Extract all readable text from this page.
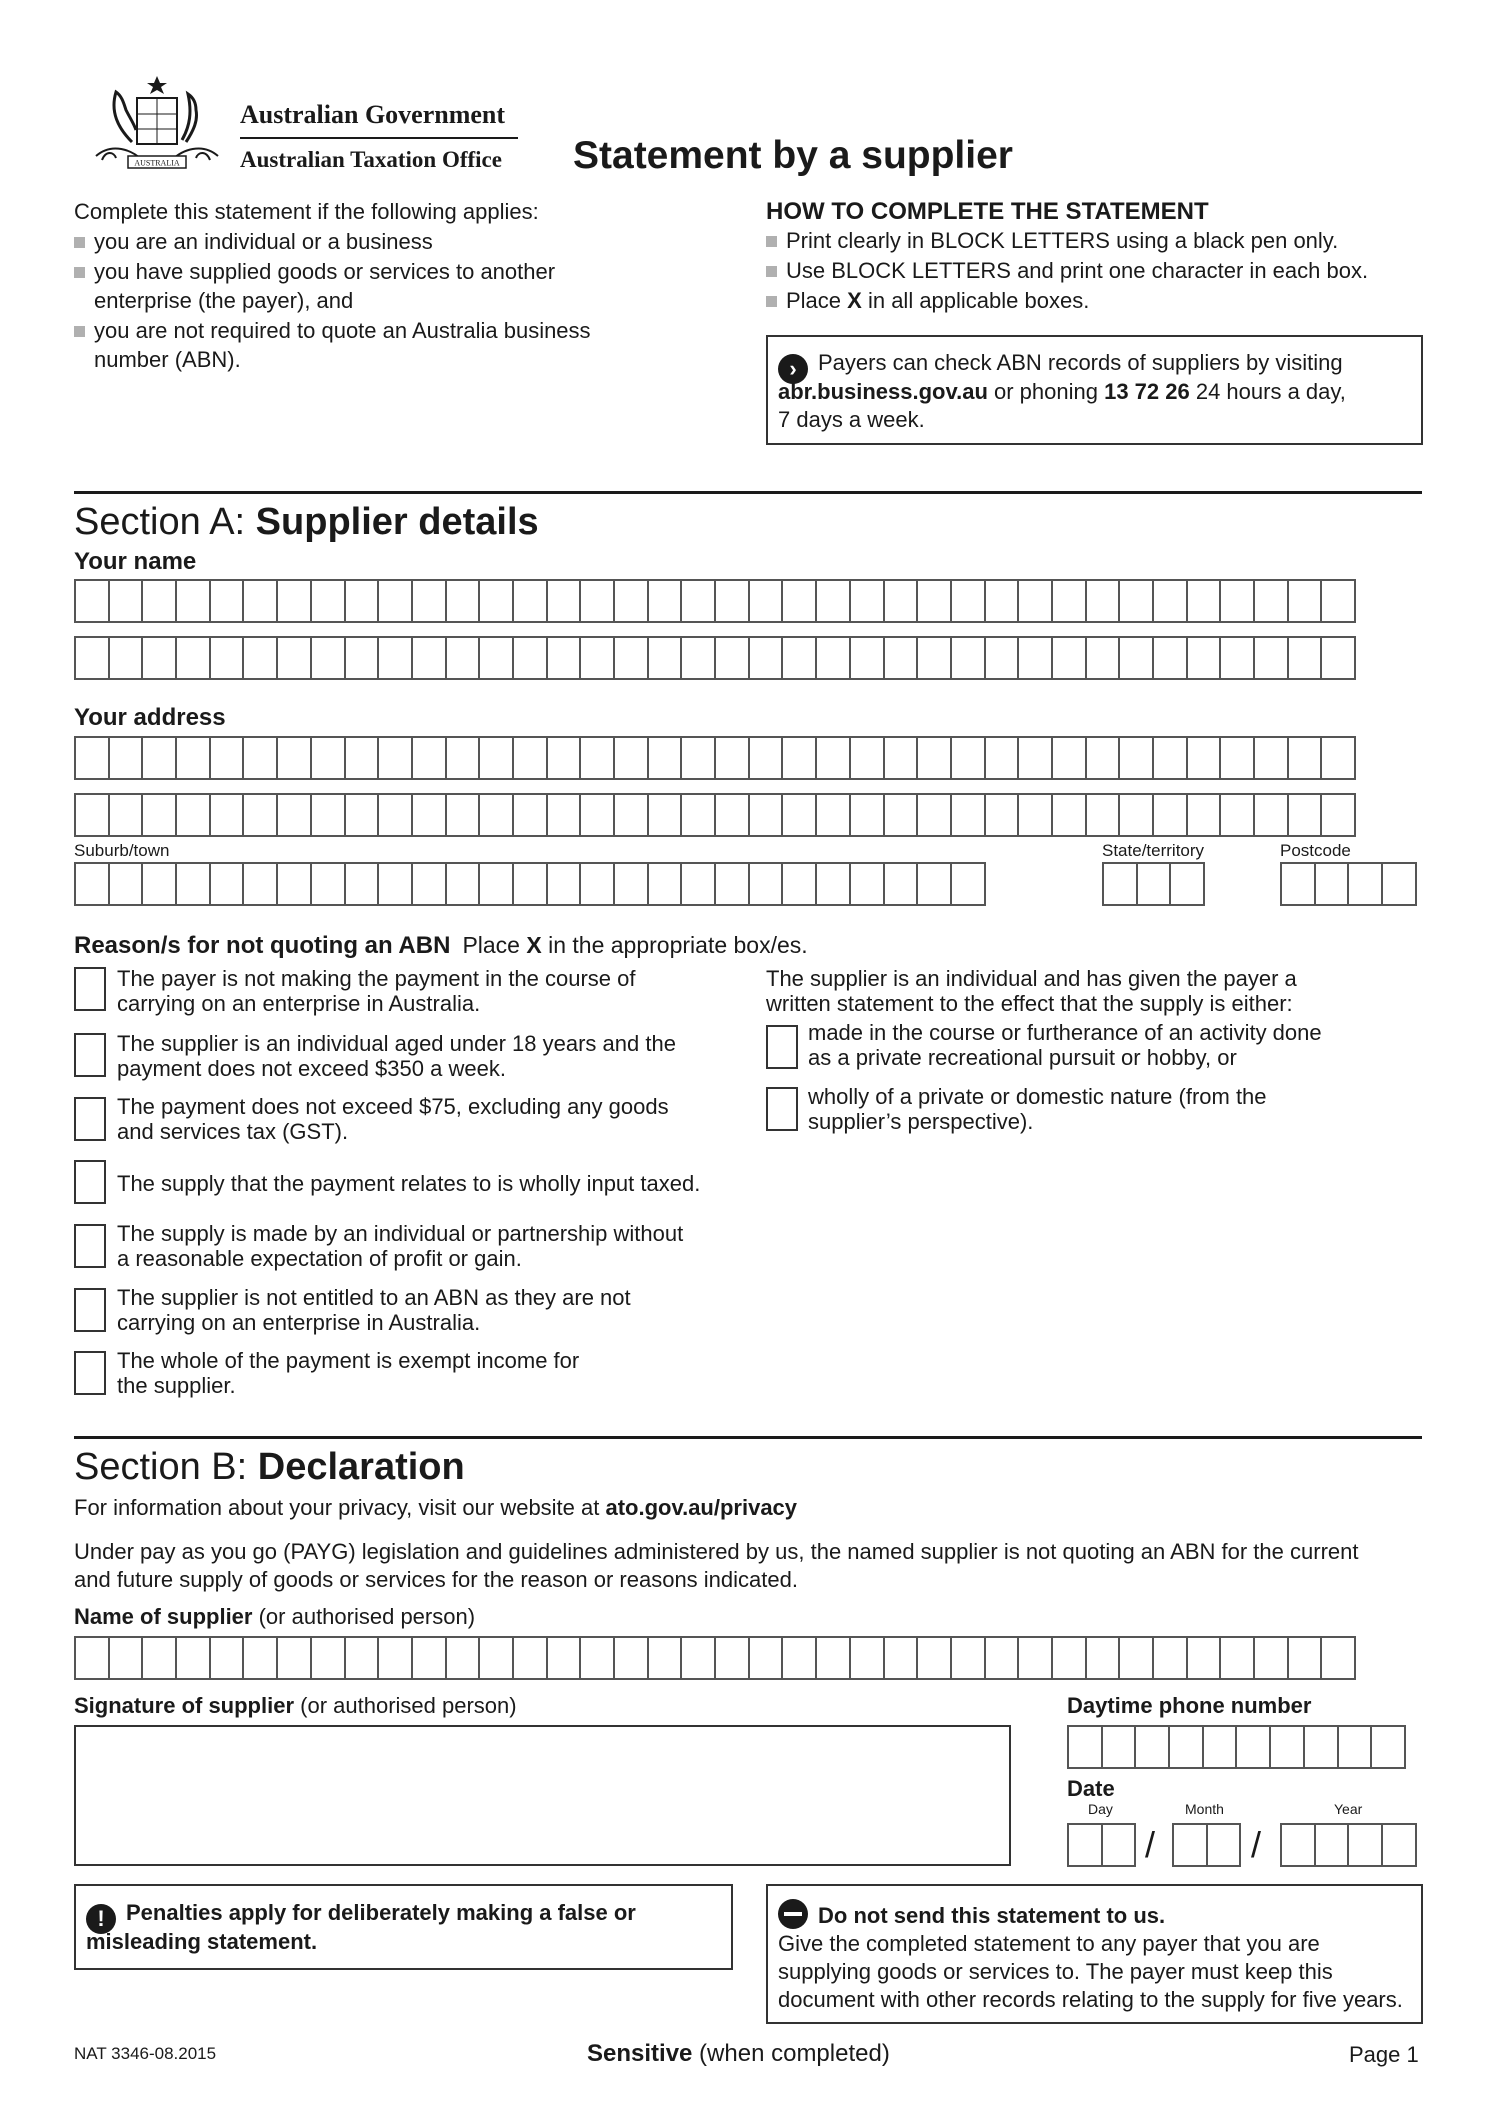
AUSTRALIA
Australian Government
Australian Taxation Office Statement by a supplier
Complete this statement if the following applies:
you are an individual or a business
you have supplied goods or services to another
enterprise (the payer), and
you are not required to quote an Australia business
number (ABN).
HOW TO COMPLETE THE STATEMENT
Print clearly in BLOCK LETTERS using a black pen only.
Use BLOCK LETTERS and print one character in each box.
Place X in all applicable boxes.
› Payers can check ABN records of suppliers by visiting
abr.business.gov.au or phoning 13 72 26 24 hours a day,
7 days a week.
Section A: Supplier details
Your name
Your address
Suburb/town	State/territory	Postcode
Reason/s for not quoting an ABN Place X in the appropriate box/es.
The payer is not making the payment in the course of
carrying on an enterprise in Australia.
The supplier is an individual aged under 18 years and the
payment does not exceed $350 a week.
The payment does not exceed $75, excluding any goods
and services tax (GST).
The supply that the payment relates to is wholly input taxed.
The supply is made by an individual or partnership without
a reasonable expectation of profit or gain.
The supplier is not entitled to an ABN as they are not
carrying on an enterprise in Australia.
The whole of the payment is exempt income for
the supplier.
The supplier is an individual and has given the payer a
written statement to the effect that the supply is either:
made in the course or furtherance of an activity done
as a private recreational pursuit or hobby, or
wholly of a private or domestic nature (from the
supplier’s perspective).
Section B: Declaration
For information about your privacy, visit our website at ato.gov.au/privacy
Under pay as you go (PAYG) legislation and guidelines administered by us, the named supplier is not quoting an ABN for the current
and future supply of goods or services for the reason or reasons indicated.
Name of supplier (or authorised person)
Signature of supplier (or authorised person)	Daytime phone number
Date
Day	Month	Year
/	/
! Penalties apply for deliberately making a false or
misleading statement.
Do not send this statement to us.
Give the completed statement to any payer that you are
supplying goods or services to. The payer must keep this
document with other records relating to the supply for five years.
NAT 3346-08.2015	Sensitive (when completed)	Page 1
